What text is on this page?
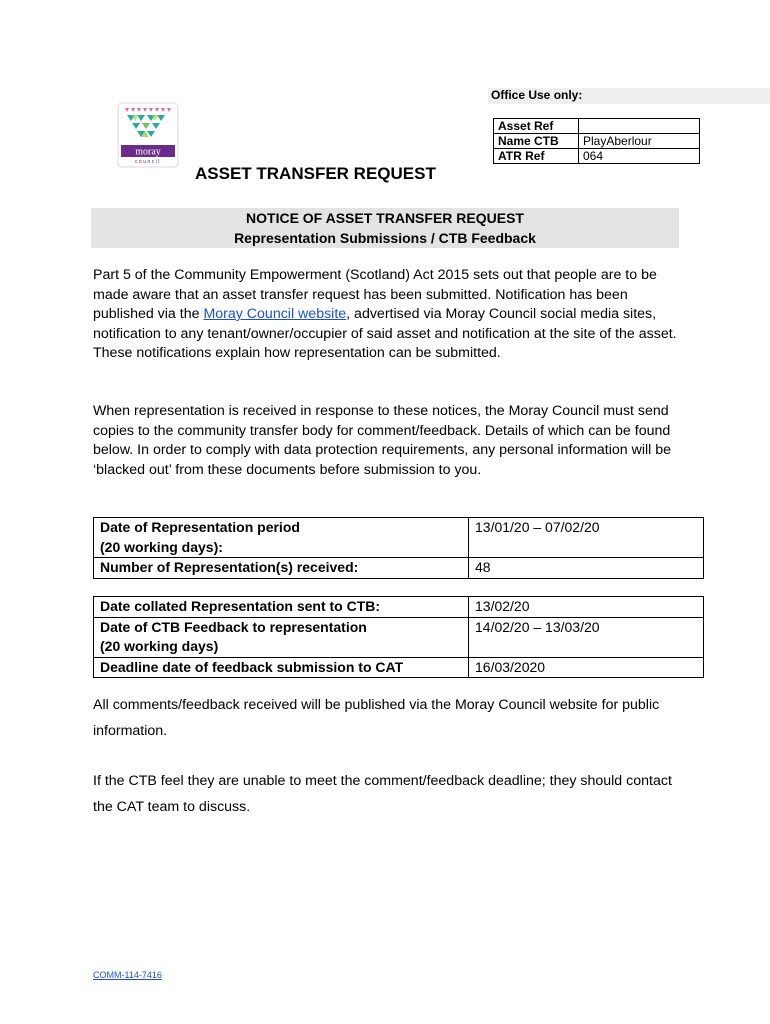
Office Use only:
Asset Ref	
Name CTB	PlayAberlour
ATR Ref	064
moray
council
ASSET TRANSFER REQUEST
NOTICE OF ASSET TRANSFER REQUEST
Representation Submissions / CTB Feedback
Part 5 of the Community Empowerment (Scotland) Act 2015 sets out that people are to be made aware that an asset transfer request has been submitted. Notification has been published via the Moray Council website, advertised via Moray Council social media sites, notification to any tenant/owner/occupier of said asset and notification at the site of the asset. These notifications explain how representation can be submitted.
When representation is received in response to these notices, the Moray Council must send copies to the community transfer body for comment/feedback. Details of which can be found below. In order to comply with data protection requirements, any personal information will be ‘blacked out’ from these documents before submission to you.
Date of Representation period
(20 working days):	13/01/20 – 07/02/20
Number of Representation(s) received:	48
Date collated Representation sent to CTB:	13/02/20

Date of CTB Feedback to representation
(20 working days)	14/02/20 – 13/03/20
Deadline date of feedback submission to CAT	16/03/2020
All comments/feedback received will be published via the Moray Council website for public information.
If the CTB feel they are unable to meet the comment/feedback deadline; they should contact the CAT team to discuss.
COMM-114-7416
